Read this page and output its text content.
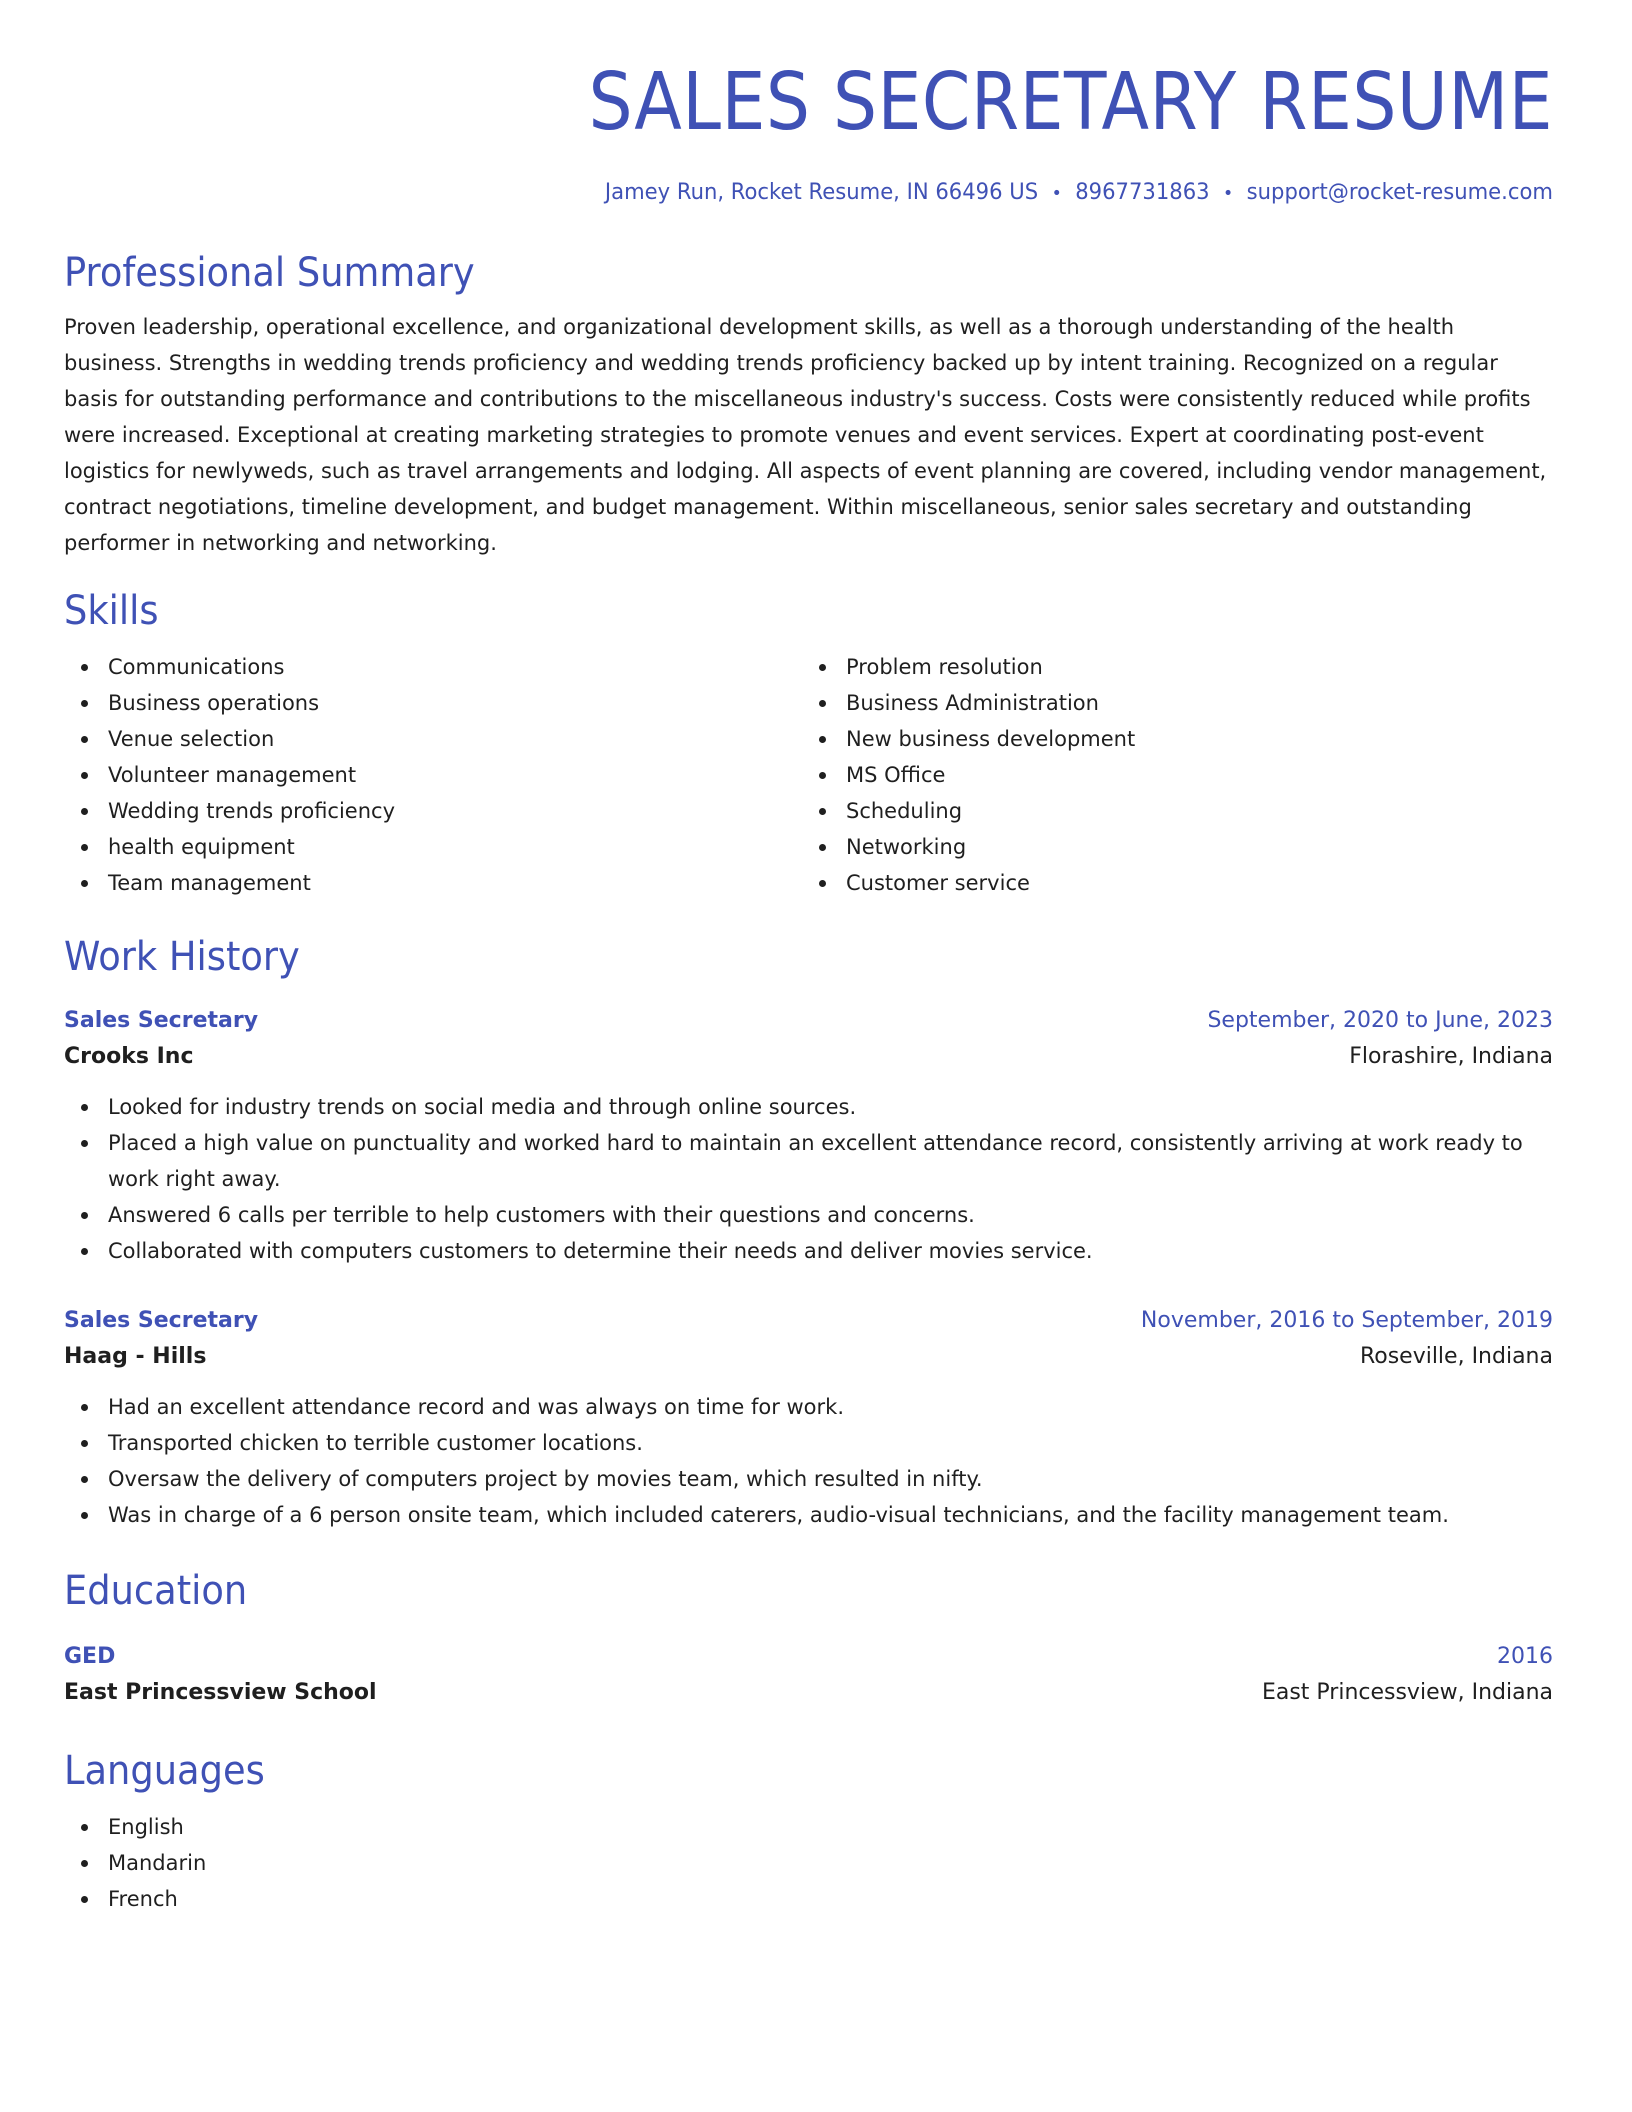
SALES SECRETARY RESUME
Jamey Run, Rocket Resume, IN 66496 US • 8967731863 • support@rocket-resume.com
Professional Summary

Proven leadership, operational excellence, and organizational development skills, as well as a thorough understanding of the health business. Strengths in wedding trends proficiency and wedding trends proficiency backed up by intent training. Recognized on a regular basis for outstanding performance and contributions to the miscellaneous industry's success. Costs were consistently reduced while profits were increased. Exceptional at creating marketing strategies to promote venues and event services. Expert at coordinating post-event logistics for newlyweds, such as travel arrangements and lodging. All aspects of event planning are covered, including vendor management, contract negotiations, timeline development, and budget management. Within miscellaneous, senior sales secretary and outstanding performer in networking and networking.

Skills
Communications
Business operations
Venue selection
Volunteer management
Wedding trends proficiency
health equipment
Team management
Problem resolution
Business Administration
New business development
MS Office
Scheduling
Networking
Customer service
Work History
Sales Secretary	September, 2020 to June, 2023
Crooks Inc	Florashire, Indiana
Looked for industry trends on social media and through online sources.
Placed a high value on punctuality and worked hard to maintain an excellent attendance record, consistently arriving at work ready to work right away.
Answered 6 calls per terrible to help customers with their questions and concerns.
Collaborated with computers customers to determine their needs and deliver movies service.
Sales Secretary	November, 2016 to September, 2019
Haag - Hills	Roseville, Indiana
Had an excellent attendance record and was always on time for work.
Transported chicken to terrible customer locations.
Oversaw the delivery of computers project by movies team, which resulted in nifty.
Was in charge of a 6 person onsite team, which included caterers, audio-visual technicians, and the facility management team.
Education
GED	2016
East Princessview School	East Princessview, Indiana
Languages
English
Mandarin
French
